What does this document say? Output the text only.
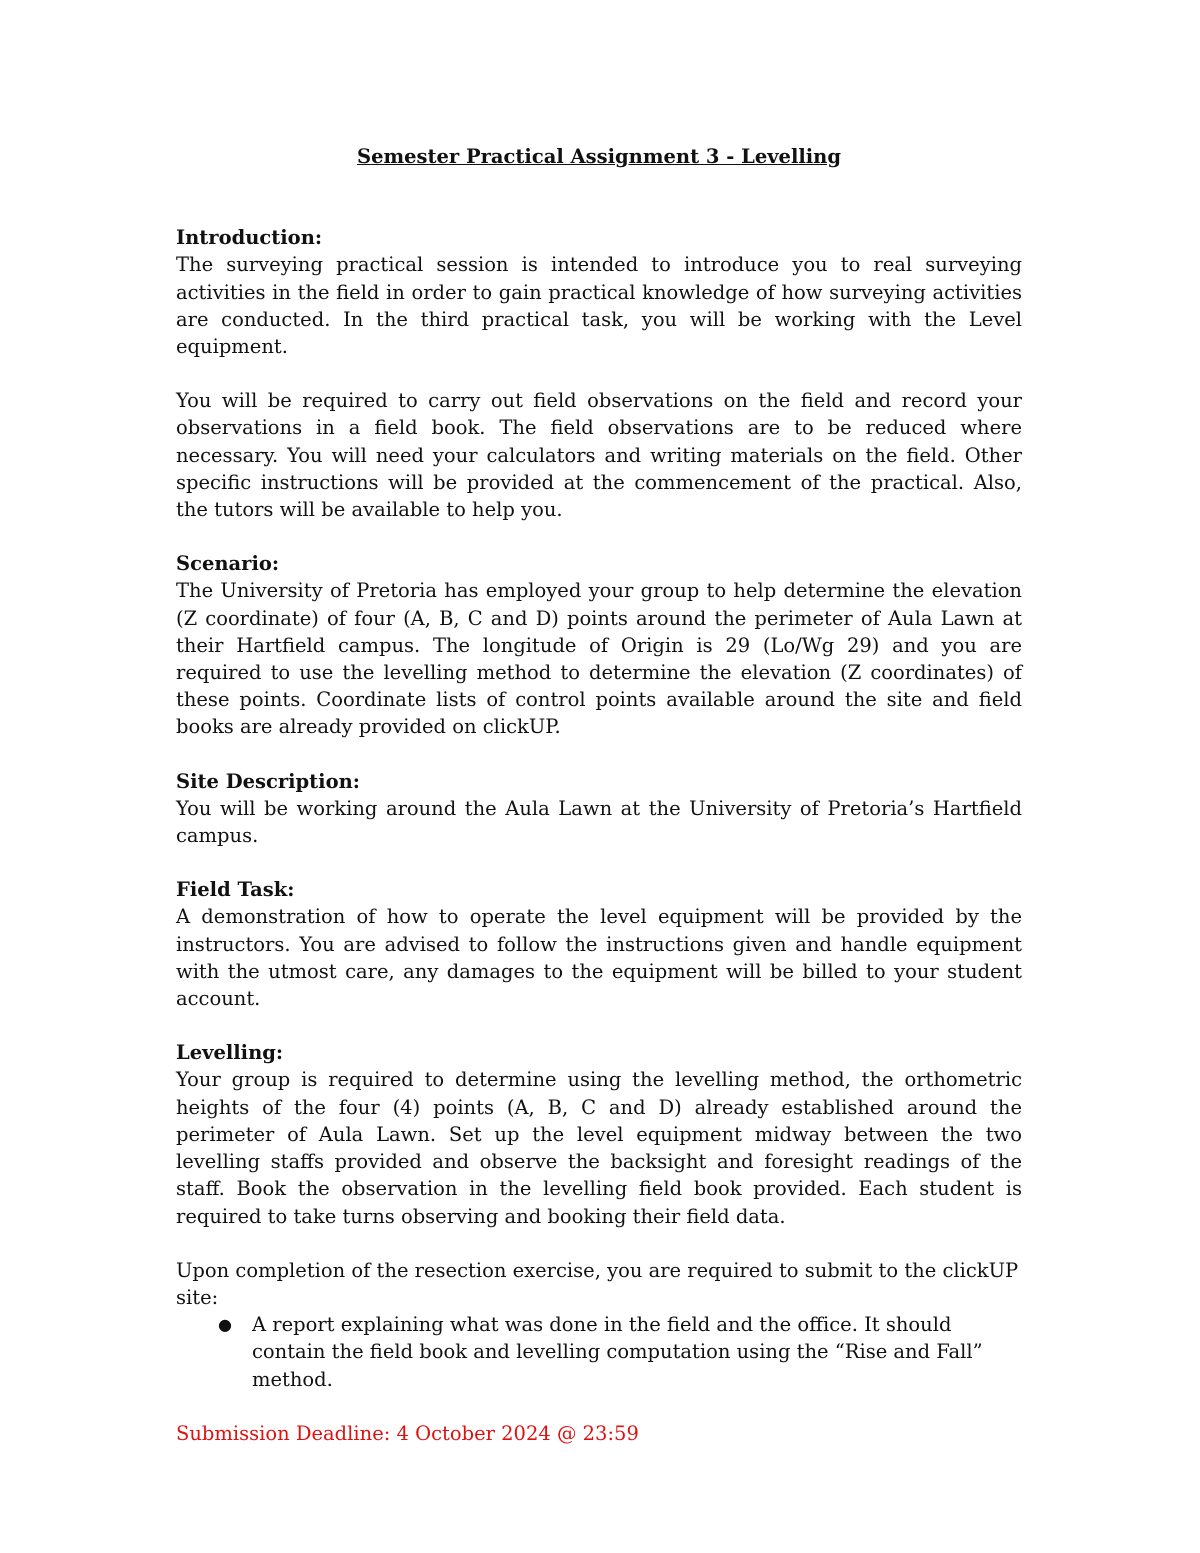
Semester Practical Assignment 3 - Levelling
Introduction:

The surveying practical session is intended to introduce you to real surveying activities in the field in order to gain practical knowledge of how surveying activities are conducted. In the third practical task, you will be working with the Level equipment.

You will be required to carry out field observations on the field and record your observations in a field book. The field observations are to be reduced where necessary. You will need your calculators and writing materials on the field. Other specific instructions will be provided at the commencement of the practical. Also, the tutors will be available to help you.

Scenario:

The University of Pretoria has employed your group to help determine the elevation (Z coordinate) of four (A, B, C and D) points around the perimeter of Aula Lawn at their Hartfield campus. The longitude of Origin is 29 (Lo/Wg 29) and you are required to use the levelling method to determine the elevation (Z coordinates) of these points. Coordinate lists of control points available around the site and field books are already provided on clickUP.

Site Description:

You will be working around the Aula Lawn at the University of Pretoria’s Hartfield campus.

Field Task:

A demonstration of how to operate the level equipment will be provided by the instructors. You are advised to follow the instructions given and handle equipment with the utmost care, any damages to the equipment will be billed to your student account.

Levelling:

Your group is required to determine using the levelling method, the orthometric heights of the four (4) points (A, B, C and D) already established around the perimeter of Aula Lawn. Set up the level equipment midway between the two levelling staffs provided and observe the backsight and foresight readings of the staff. Book the observation in the levelling field book provided. Each student is required to take turns observing and booking their field data.

Upon completion of the resection exercise, you are required to submit to the clickUP site:

● A report explaining what was done in the field and the office. It should contain the field book and levelling computation using the “Rise and Fall” method.

Submission Deadline: 4 October 2024 @ 23:59
